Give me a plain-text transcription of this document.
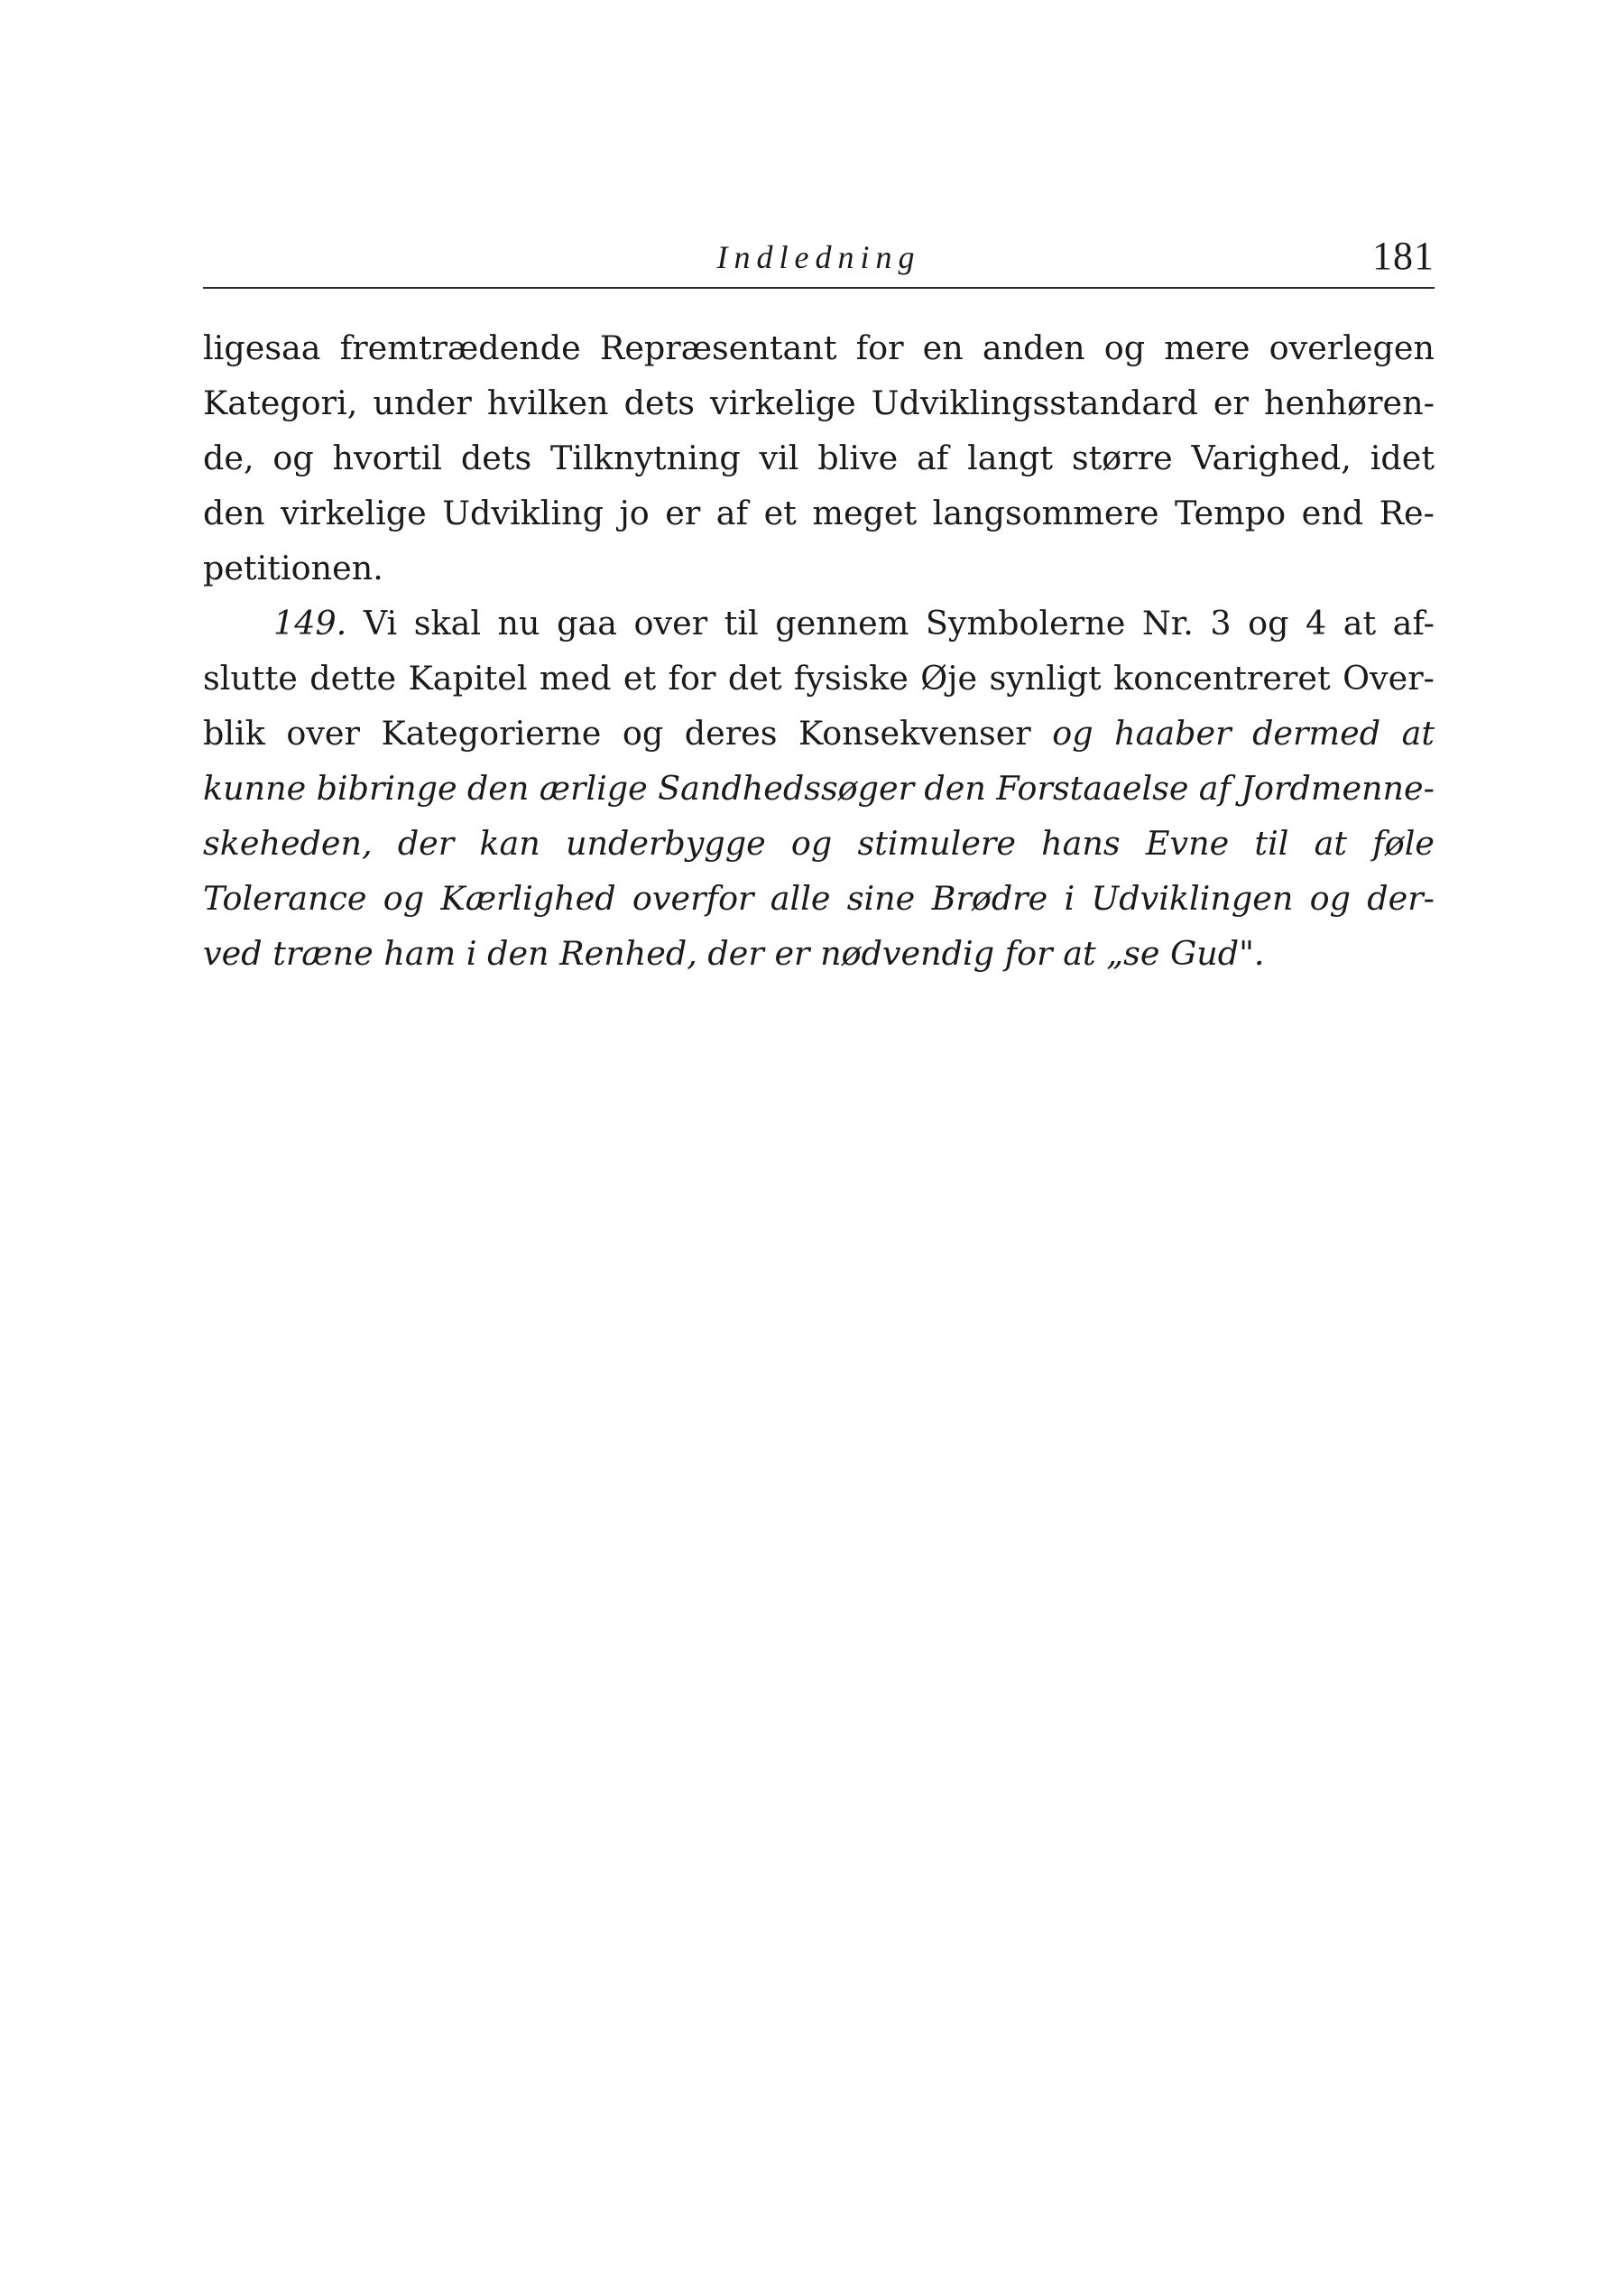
Indledning	181
ligesaa fremtrædende Repræsentant for en anden og mere overlegen
Kategori, under hvilken dets virkelige Udviklingsstandard er henhøren-
de, og hvortil dets Tilknytning vil blive af langt større Varighed, idet
den virkelige Udvikling jo er af et meget langsommere Tempo end Re-
petitionen.
149. Vi skal nu gaa over til gennem Symbolerne Nr. 3 og 4 at af-
slutte dette Kapitel med et for det fysiske Øje synligt koncentreret Over-
blik over Kategorierne og deres Konsekvenser og haaber dermed at
kunne bibringe den ærlige Sandhedssøger den Forstaaelse af Jordmenne-
skeheden, der kan underbygge og stimulere hans Evne til at føle
Tolerance og Kærlighed overfor alle sine Brødre i Udviklingen og der-
ved træne ham i den Renhed, der er nødvendig for at „se Gud".
